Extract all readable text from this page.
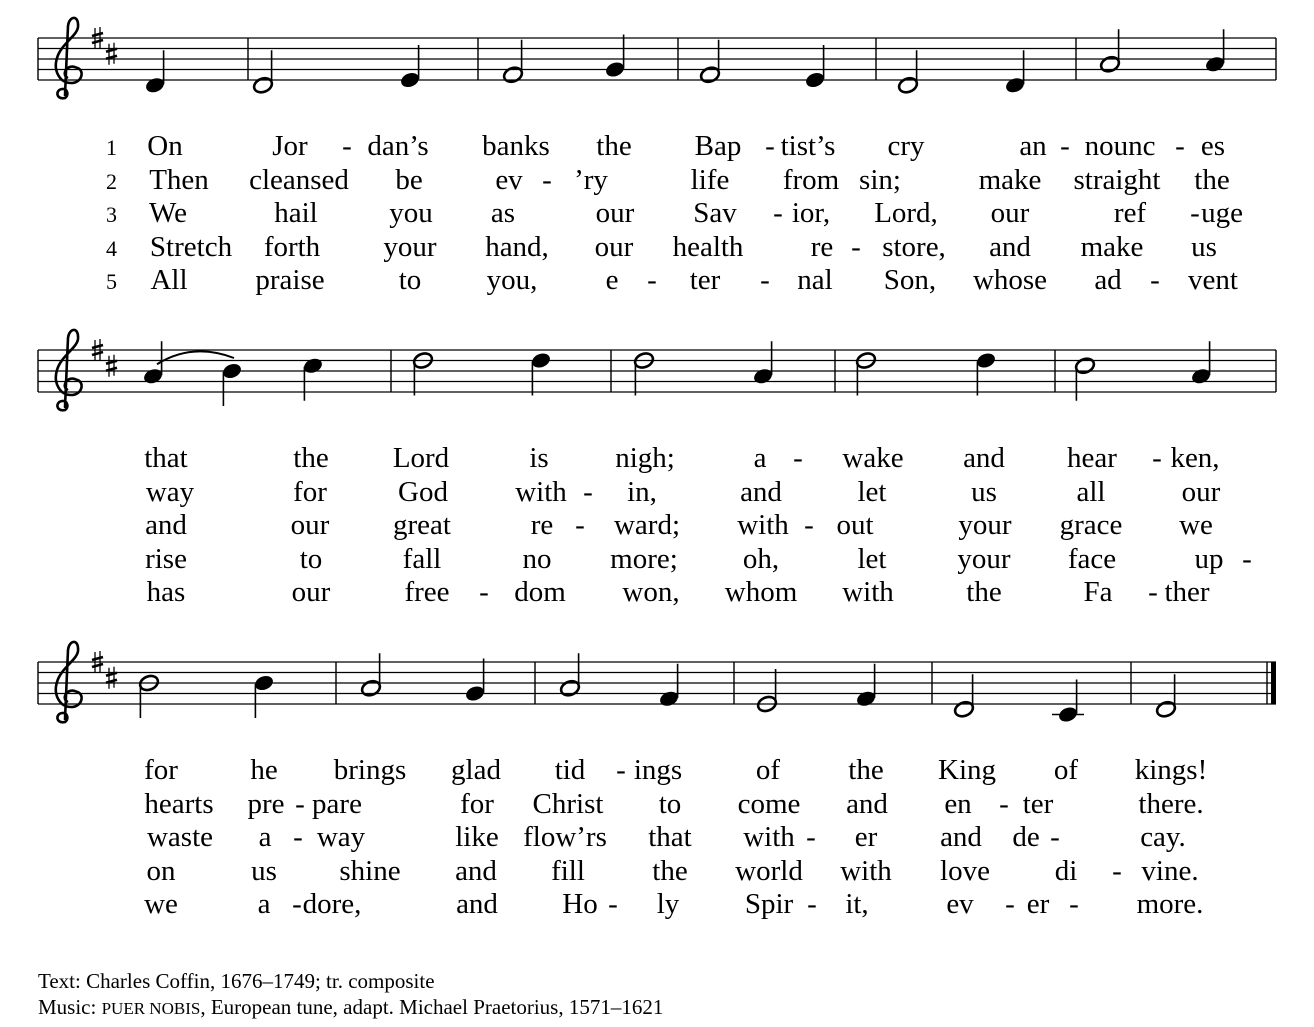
1 On	Jor - dan’s banks the Bap - tist’s cry	an - nounc - es
2 Then cleansed be	ev - ’ry	life from sin;	make straight the
3 We	hail you as	our Sav - ior, Lord, our	ref - uge
4 Stretch forth your hand, our health re - store, and make us
5 All praise	to you, e - ter - nal Son, whose ad - vent
that	the Lord	is nigh;	a - wake and hear - ken,
way	for God with - in,	and	let	us	all	our
and	our great	re - ward; with - out	your grace we
rise	to	fall	no more; oh,	let your face	up -
has	our	free - dom won, whom with	the	Fa - ther
for he brings glad tid - ings	of the King of kings!
hearts pre - pare	for Christ to come and en - ter	there.
waste a - way	like flow’rs that with - er and de -	cay.
on	us shine and fill the world with love di - vine.
we	a - dore,	and Ho - ly Spir - it,	ev - er - more.
Text: Charles Coffin, 1676–1749; tr. composite
Music: PUER NOBIS, European tune, adapt. Michael Praetorius, 1571–1621
